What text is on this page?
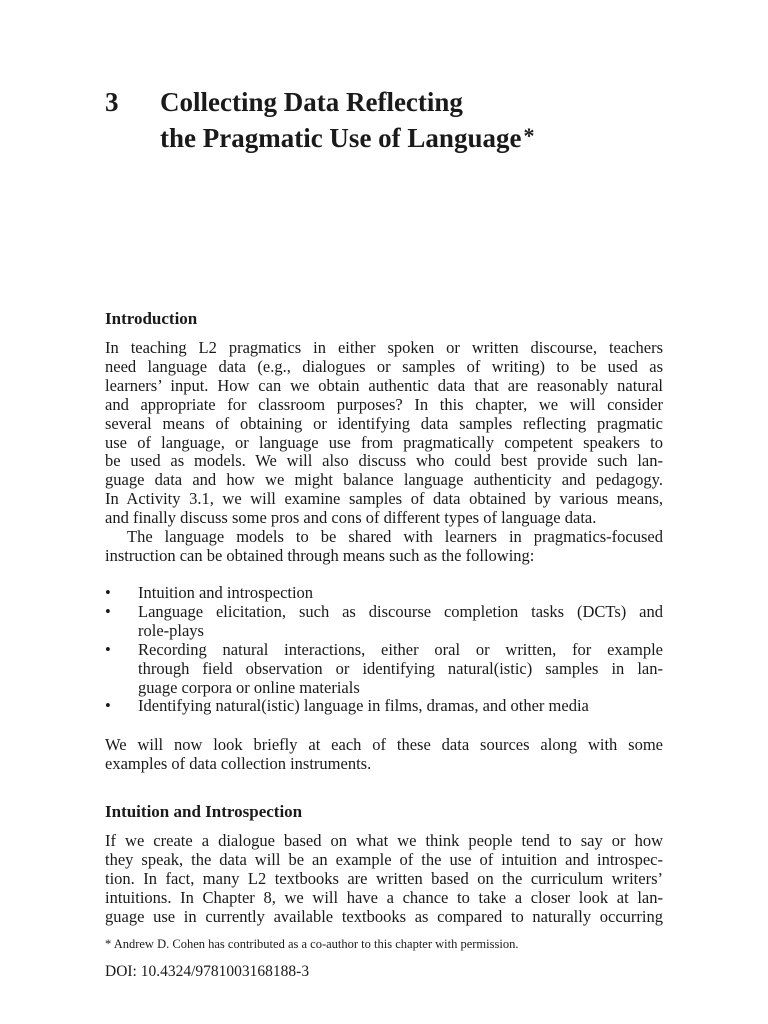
3 Collecting Data Reflecting
the Pragmatic Use of Language*
Introduction
In teaching L2 pragmatics in either spoken or written discourse, teachers
need language data (e.g., dialogues or samples of writing) to be used as
learners’ input. How can we obtain authentic data that are reasonably natural
and appropriate for classroom purposes? In this chapter, we will consider
several means of obtaining or identifying data samples reflecting pragmatic
use of language, or language use from pragmatically competent speakers to
be used as models. We will also discuss who could best provide such lan-
guage data and how we might balance language authenticity and pedagogy.
In Activity 3.1, we will examine samples of data obtained by various means,
and finally discuss some pros and cons of different types of language data.
The language models to be shared with learners in pragmatics-focused
instruction can be obtained through means such as the following:
• Intuition and introspection
• Language elicitation, such as discourse completion tasks (DCTs) and
role-plays
• Recording natural interactions, either oral or written, for example
through field observation or identifying natural(istic) samples in lan-
guage corpora or online materials
• Identifying natural(istic) language in films, dramas, and other media
We will now look briefly at each of these data sources along with some
examples of data collection instruments.
Intuition and Introspection
If we create a dialogue based on what we think people tend to say or how
they speak, the data will be an example of the use of intuition and introspec-
tion. In fact, many L2 textbooks are written based on the curriculum writers’
intuitions. In Chapter 8, we will have a chance to take a closer look at lan-
guage use in currently available textbooks as compared to naturally occurring
* Andrew D. Cohen has contributed as a co-author to this chapter with permission.
DOI: 10.4324/9781003168188-3
